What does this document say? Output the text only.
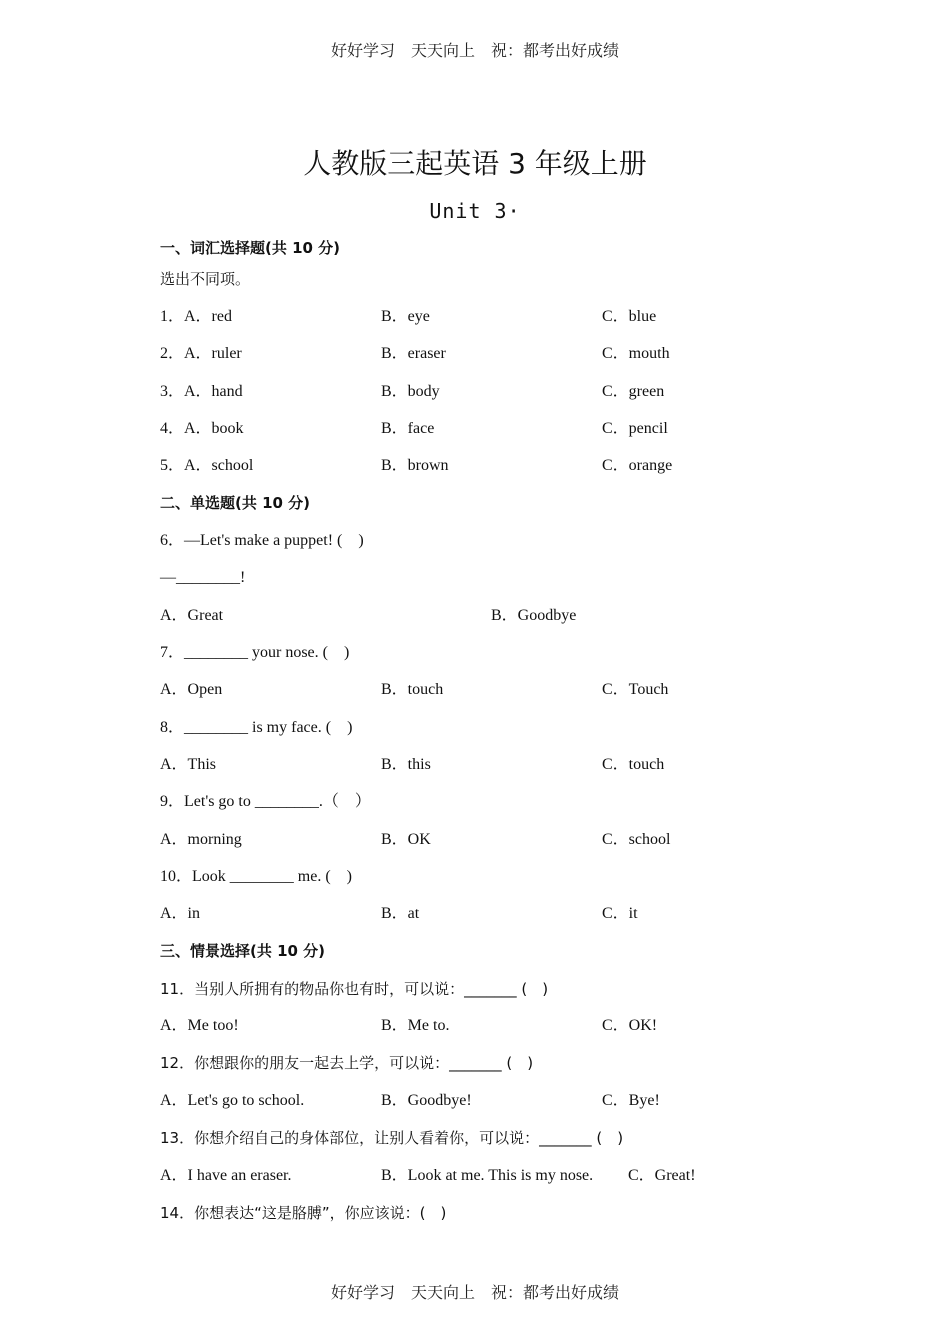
好好学习　天天向上　祝：都考出好成绩
人教版三起英语 3 年级上册
Unit 3·
一、词汇选择题(共 10 分)
选出不同项。
1．A．red	B．eye	C．blue
2．A．ruler	B．eraser	C．mouth
3．A．hand	B．body	C．green
4．A．book	B．face	C．pencil
5．A．school	B．brown	C．orange
二、单选题(共 10 分)
6．—Let's make a puppet! (　)
—________!
A．Great	B．Goodbye
7．________ your nose. (　)
A．Open	B．touch	C．Touch
8．________ is my face. (　)
A．This	B．this	C．touch
9．Let's go to ________.（　）
A．morning	B．OK	C．school
10．Look ________ me. (　)
A．in	B．at	C．it
三、情景选择(共 10 分)
11．当别人所拥有的物品你也有时，可以说：_______ (　)
A．Me too!	B．Me to.	C．OK!
12．你想跟你的朋友一起去上学，可以说：_______ (　)
A．Let's go to school.	B．Goodbye!	C．Bye!
13．你想介绍自己的身体部位，让别人看着你，可以说：_______ (　)
A．I have an eraser.	B．Look at me. This is my nose. C．Great!
14．你想表达“这是胳膊”，你应该说：(　)
好好学习　天天向上　祝：都考出好成绩
